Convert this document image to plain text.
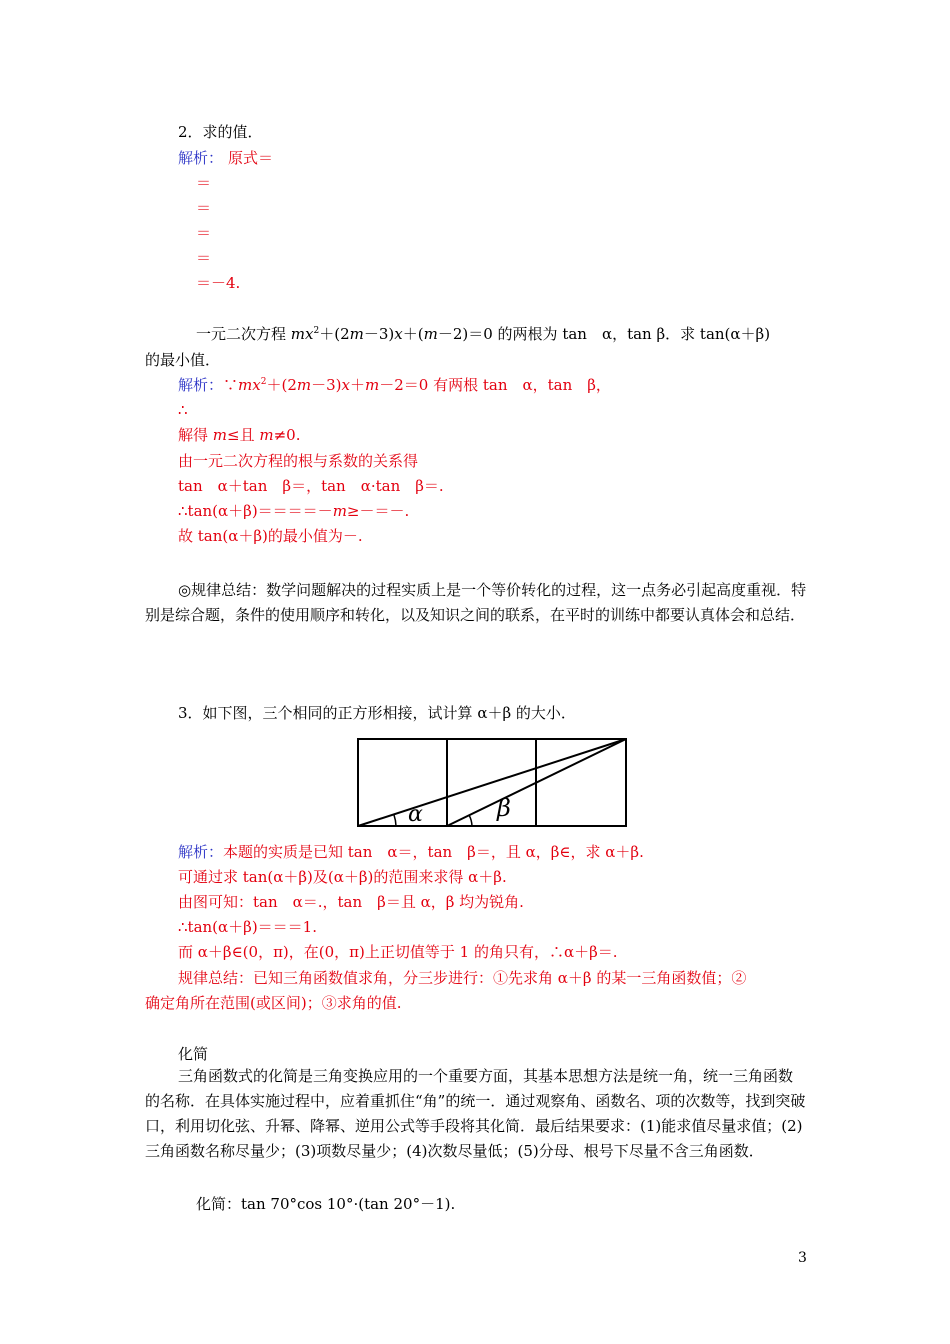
2．求的值．
解析： 原式＝
＝
＝
＝
＝
＝－4.
一元二次方程 $mx^2+(2m-3)x+(m-2)=0$ 的两根为 tan　α，tan β．求 tan(α＋β)
的最小值．
解析：$\because mx^2+(2m-3)x+m-2=0$ 有两根 tan　α，tan　β，
∴
解得 m≤且 m≠0.
由一元二次方程的根与系数的关系得
tan　α＋tan　β＝，tan　α·tan　β＝.
∴tan(α＋β)＝＝＝＝－m≥－＝－.
故 tan(α＋β)的最小值为－.

◎规律总结：数学问题解决的过程实质上是一个等价转化的过程，这一点务必引起高度重视．特别是综合题，条件的使用顺序和转化，以及知识之间的联系，在平时的训练中都要认真体会和总结．

3．如下图，三个相同的正方形相接，试计算 α＋β 的大小．
α	β
解析：本题的实质是已知 tan　α＝，tan　β＝，且 α，β∈，求 α＋β.
可通过求 tan(α＋β)及(α＋β)的范围来求得 α＋β.
由图可知：tan　α＝.，tan　β＝且 α，β 均为锐角.
∴tan(α＋β)＝＝＝1.
而 α＋β∈(0，π)，在(0，π)上正切值等于 1 的角只有，∴α＋β＝.
规律总结：已知三角函数值求角，分三步进行：①先求角 α＋β 的某一三角函数值；②
确定角所在范围(或区间)；③求角的值.
化简

三角函数式的化简是三角变换应用的一个重要方面，其基本思想方法是统一角，统一三角函数的名称．在具体实施过程中，应着重抓住“角”的统一．通过观察角、函数名、项的次数等，找到突破口，利用切化弦、升幂、降幂、逆用公式等手段将其化简．最后结果要求：(1)能求值尽量求值；(2)三角函数名称尽量少；(3)项数尽量少；(4)次数尽量低；(5)分母、根号下尽量不含三角函数．

化简：tan 70°cos 10°·(tan 20°－1).
3
